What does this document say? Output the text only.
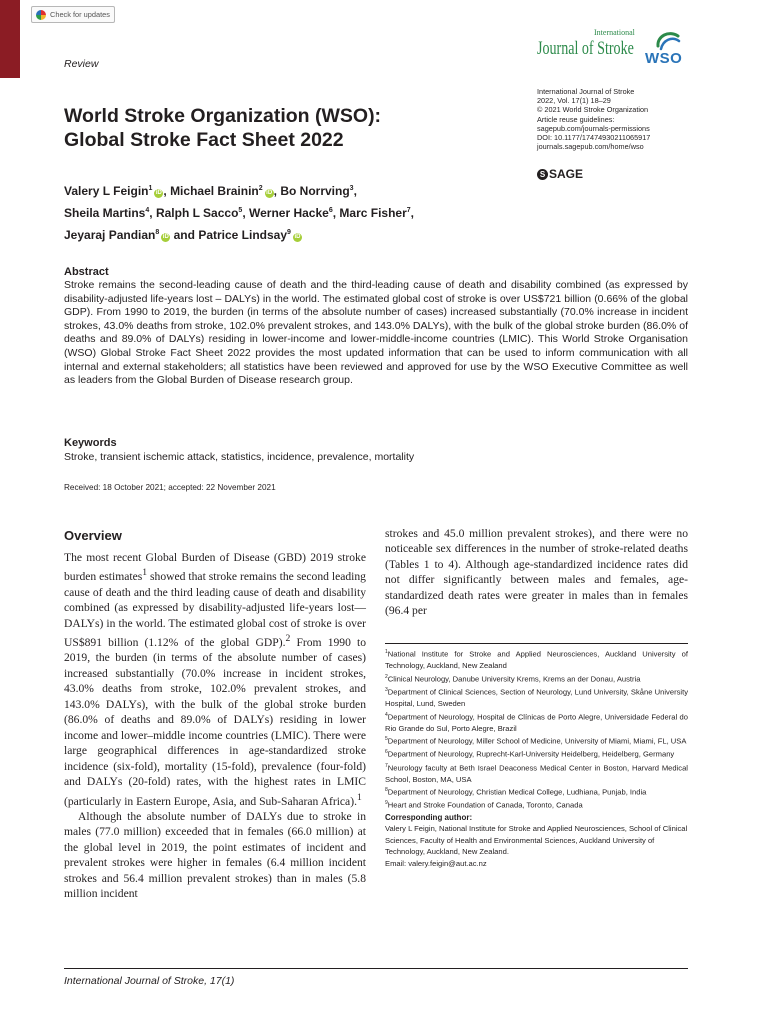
Check for updates
Review
International
Journal of Stroke WSO
International Journal of Stroke
2022, Vol. 17(1) 18–29
© 2021 World Stroke Organization
Article reuse guidelines:
sagepub.com/journals-permissions
DOI: 10.1177/17474930211065917
journals.sagepub.com/home/wso
S SAGE
World Stroke Organization (WSO):
Global Stroke Fact Sheet 2022
Valery L Feigin$^1$iD , Michael Brainin$^2$iD , Bo Norrving$^3$,
Sheila Martins$^4$, Ralph L Sacco$^5$, Werner Hacke$^6$, Marc Fisher$^7$,
Jeyaraj Pandian$^8$iD and Patrice Lindsay$^9$iD
Abstract
Stroke remains the second-leading cause of death and the third-leading cause of death and disability combined (as expressed by disability-adjusted life-years lost – DALYs) in the world. The estimated global cost of stroke is over US$721 billion (0.66% of the global GDP). From 1990 to 2019, the burden (in terms of the absolute number of cases) increased substantially (70.0% increase in incident strokes, 43.0% deaths from stroke, 102.0% prevalent strokes, and 143.0% DALYs), with the bulk of the global stroke burden (86.0% of deaths and 89.0% of DALYs) residing in lower-income and lower-middle-income countries (LMIC). This World Stroke Organisation (WSO) Global Stroke Fact Sheet 2022 provides the most updated information that can be used to inform communication with all internal and external stakeholders; all statistics have been reviewed and approved for use by the WSO Executive Committee as well as leaders from the Global Burden of Disease research group.
Keywords
Stroke, transient ischemic attack, statistics, incidence, prevalence, mortality
Received: 18 October 2021; accepted: 22 November 2021
Overview

The most recent Global Burden of Disease (GBD) 2019 stroke burden estimates$^1$ showed that stroke remains the second leading cause of death and the third leading cause of death and disability combined (as expressed by disability-adjusted life-years lost—DALYs) in the world. The estimated global cost of stroke is over US$891 billion (1.12% of the global GDP).$^2$ From 1990 to 2019, the burden (in terms of the absolute number of cases) increased substantially (70.0% increase in incident strokes, 43.0% deaths from stroke, 102.0% prevalent strokes, and 143.0% DALYs), with the bulk of the global stroke burden (86.0% of deaths and 89.0% of DALYs) residing in lower income and lower–middle income countries (LMIC). There were large geographical differences in age-standardized stroke incidence (six-fold), mortality (15-fold), prevalence (four-fold) and DALYs (20-fold) rates, with the highest rates in LMIC (particularly in Eastern Europe, Asia, and Sub-Saharan Africa).$^1$

Although the absolute number of DALYs due to stroke in males (77.0 million) exceeded that in females (66.0 million) at the global level in 2019, the point estimates of incident and prevalent strokes were higher in females (6.4 million incident strokes and 56.4 million prevalent strokes) than in males (5.8 million incident

strokes and 45.0 million prevalent strokes), and there were no noticeable sex differences in the number of stroke-related deaths (Tables 1 to 4). Although age-standardized incidence rates did not differ significantly between males and females, age-standardized death rates were greater in males than in females (96.4 per

$^1$National Institute for Stroke and Applied Neurosciences, Auckland University of Technology, Auckland, New Zealand
$^2$Clinical Neurology, Danube University Krems, Krems an der Donau, Austria
$^3$Department of Clinical Sciences, Section of Neurology, Lund University, Skåne University Hospital, Lund, Sweden
$^4$Department of Neurology, Hospital de Clínicas de Porto Alegre, Universidade Federal do Rio Grande do Sul, Porto Alegre, Brazil
$^5$Department of Neurology, Miller School of Medicine, University of Miami, Miami, FL, USA
$^6$Department of Neurology, Ruprecht-Karl-University Heidelberg, Heidelberg, Germany
$^7$Neurology faculty at Beth Israel Deaconess Medical Center in Boston, Harvard Medical School, Boston, MA, USA
$^8$Department of Neurology, Christian Medical College, Ludhiana, Punjab, India
$^9$Heart and Stroke Foundation of Canada, Toronto, Canada
Corresponding author:
Valery L Feigin, National Institute for Stroke and Applied Neurosciences, School of Clinical Sciences, Faculty of Health and Environmental Sciences, Auckland University of Technology, Auckland, New Zealand.
Email: valery.feigin@aut.ac.nz
International Journal of Stroke, 17(1)
